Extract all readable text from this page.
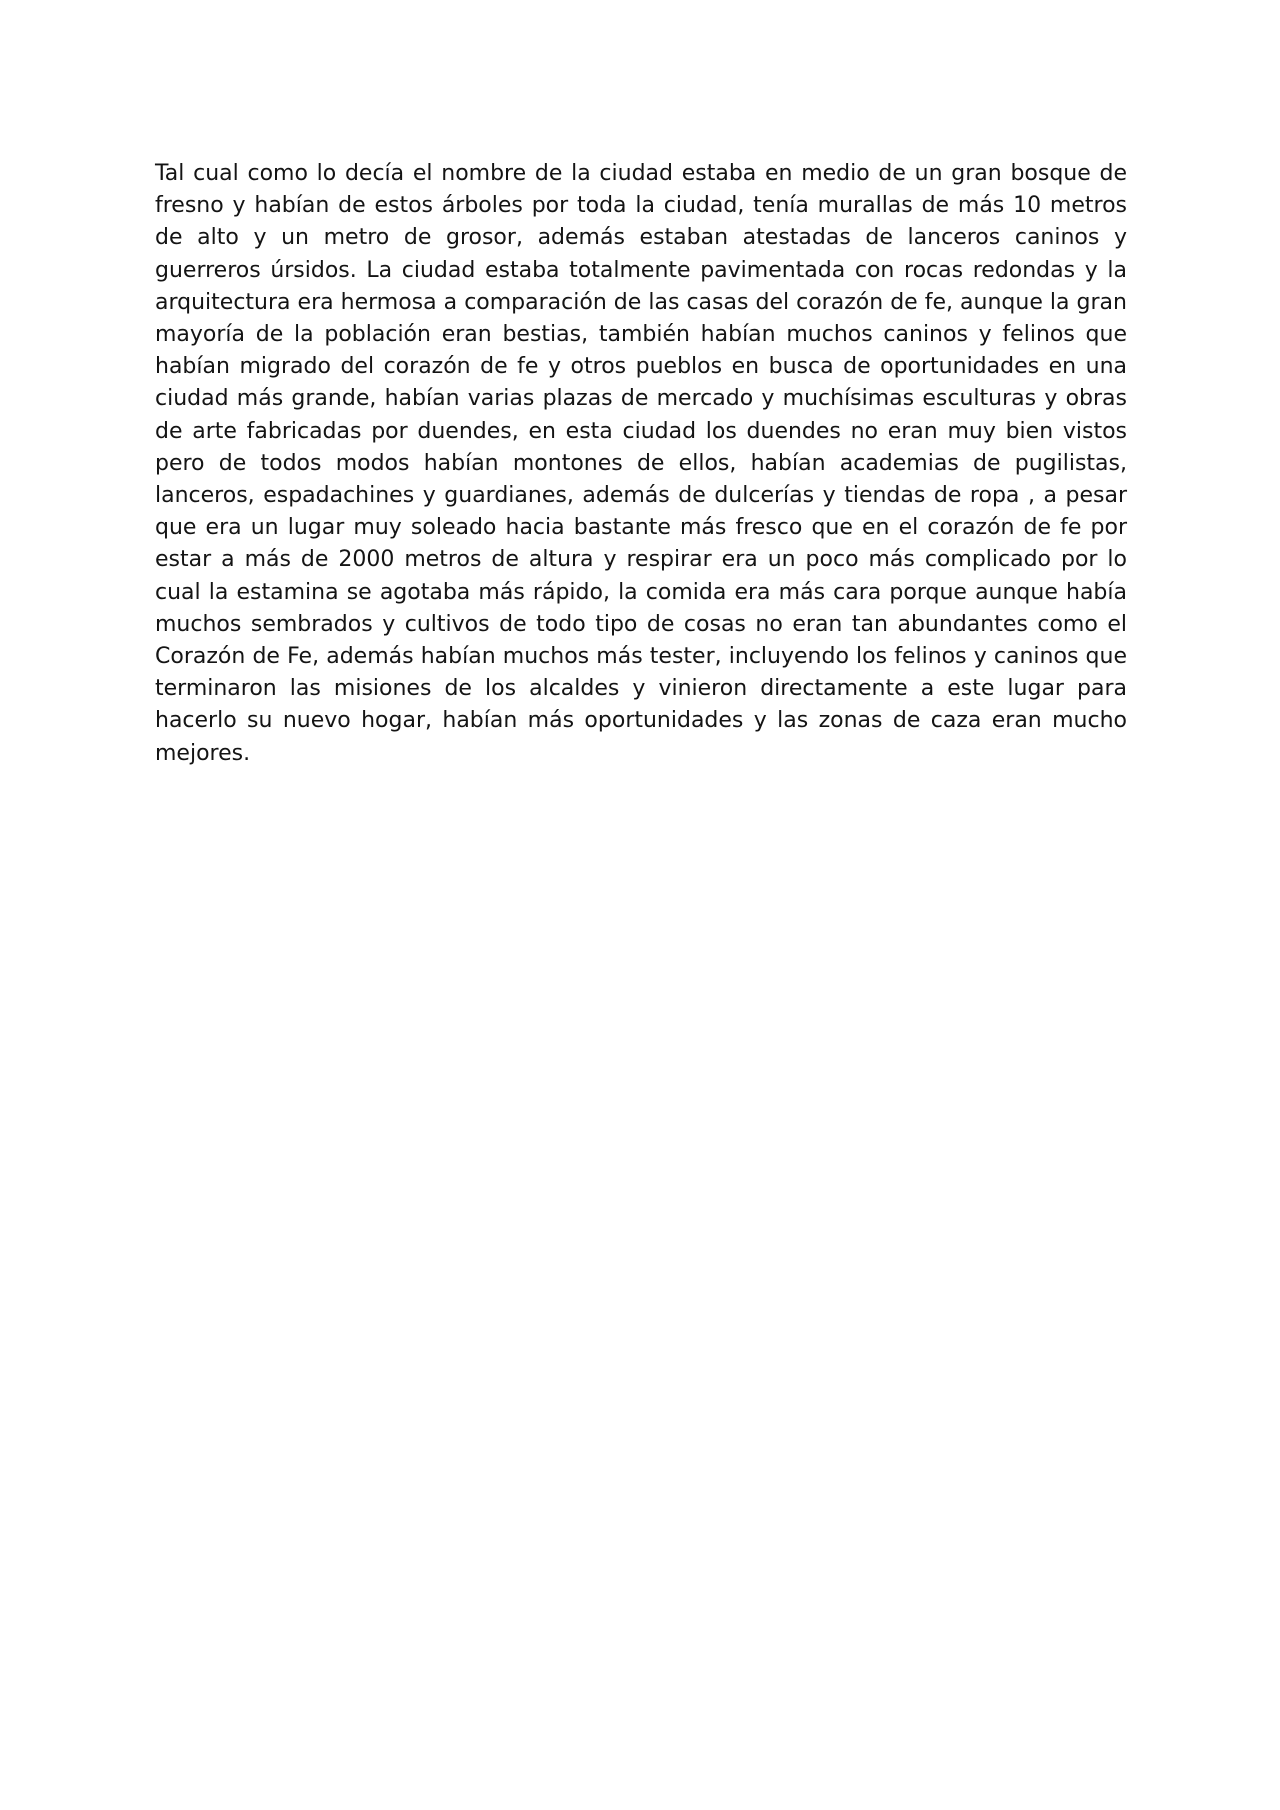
Tal cual como lo decía el nombre de la ciudad estaba en medio de un gran bosque de fresno y habían de estos árboles por toda la ciudad, tenía murallas de más 10 metros de alto y un metro de grosor, además estaban atestadas de lanceros caninos y guerreros úrsidos. La ciudad estaba totalmente pavimentada con rocas redondas y la arquitectura era hermosa a comparación de las casas del corazón de fe, aunque la gran mayoría de la población eran bestias, también habían muchos caninos y felinos que habían migrado del corazón de fe y otros pueblos en busca de oportunidades en una ciudad más grande, habían varias plazas de mercado y muchísimas esculturas y obras de arte fabricadas por duendes, en esta ciudad los duendes no eran muy bien vistos pero de todos modos habían montones de ellos, habían academias de pugilistas, lanceros, espadachines y guardianes, además de dulcerías y tiendas de ropa , a pesar que era un lugar muy soleado hacia bastante más fresco que en el corazón de fe por estar a más de 2000 metros de altura y respirar era un poco más complicado por lo cual la estamina se agotaba más rápido, la comida era más cara porque aunque había muchos sembrados y cultivos de todo tipo de cosas no eran tan abundantes como el Corazón de Fe, además habían muchos más tester, incluyendo los felinos y caninos que terminaron las misiones de los alcaldes y vinieron directamente a este lugar para hacerlo su nuevo hogar, habían más oportunidades y las zonas de caza eran mucho mejores.
